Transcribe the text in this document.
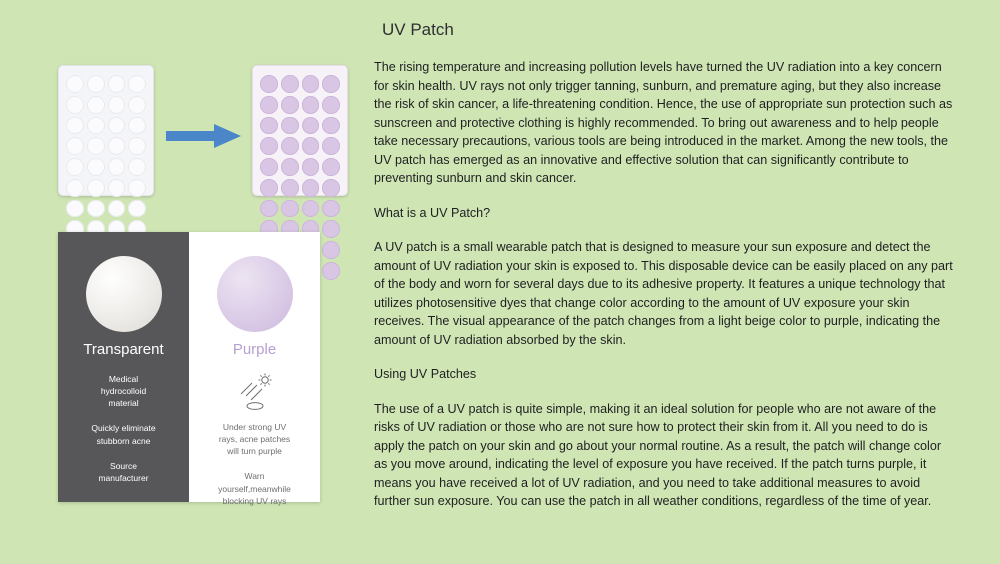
Transparent

Medical
hydrocolloid
material

Quickly eliminate
stubborn acne

Source
manufacturer

Purple

Under strong UV
rays, acne patches
will turn purple

Warn
yourself,meanwhile
blocking UV rays

UV Patch

The rising temperature and increasing pollution levels have turned the UV radiation into a key concern for skin health. UV rays not only trigger tanning, sunburn, and premature aging, but they also increase the risk of skin cancer, a life-threatening condition. Hence, the use of appropriate sun protection such as sunscreen and protective clothing is highly recommended. To bring out awareness and to help people take necessary precautions, various tools are being introduced in the market. Among the new tools, the UV patch has emerged as an innovative and effective solution that can significantly contribute to preventing sunburn and skin cancer.

What is a UV Patch?

A UV patch is a small wearable patch that is designed to measure your sun exposure and detect the amount of UV radiation your skin is exposed to. This disposable device can be easily placed on any part of the body and worn for several days due to its adhesive property. It features a unique technology that utilizes photosensitive dyes that change color according to the amount of UV exposure your skin receives. The visual appearance of the patch changes from a light beige color to purple, indicating the amount of UV radiation absorbed by the skin.

Using UV Patches

The use of a UV patch is quite simple, making it an ideal solution for people who are not aware of the risks of UV radiation or those who are not sure how to protect their skin from it. All you need to do is apply the patch on your skin and go about your normal routine. As a result, the patch will change color as you move around, indicating the level of exposure you have received. If the patch turns purple, it means you have received a lot of UV radiation, and you need to take additional measures to avoid further sun exposure. You can use the patch in all weather conditions, regardless of the time of year.
